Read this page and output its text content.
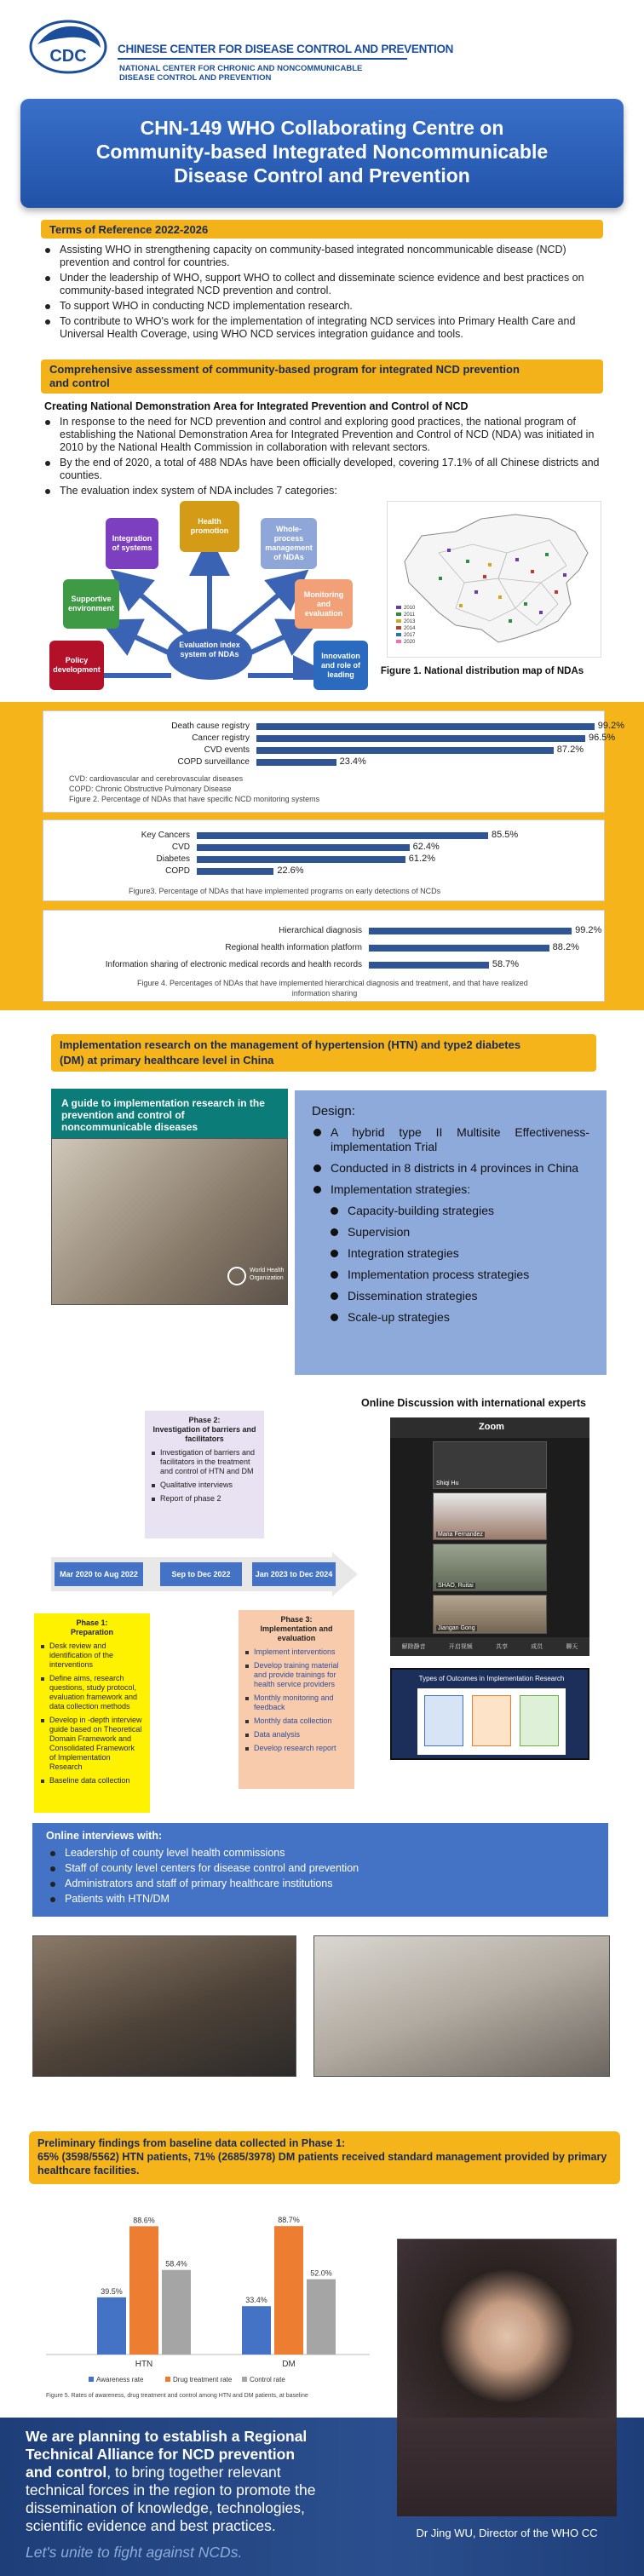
CDC	CHINESE CENTER FOR DISEASE CONTROL AND PREVENTION
NATIONAL CENTER FOR CHRONIC AND NONCOMMUNICABLE
DISEASE CONTROL AND PREVENTION
CHN-149 WHO Collaborating Centre on
Community-based Integrated Noncommunicable
Disease Control and Prevention
Terms of Reference 2022-2026
Assisting WHO in strengthening capacity on community-based integrated noncommunicable disease (NCD) prevention and control for countries.
Under the leadership of WHO, support WHO to collect and disseminate science evidence and best practices on community-based integrated NCD prevention and control.
To support WHO in conducting NCD implementation research.
To contribute to WHO's work for the implementation of integrating NCD services into Primary Health Care and Universal Health Coverage, using WHO NCD services integration guidance and tools.
Comprehensive assessment of community-based program for integrated NCD prevention
and control
Creating National Demonstration Area for Integrated Prevention and Control of NCD
In response to the need for NCD prevention and control and exploring good practices, the national program of establishing the National Demonstration Area for Integrated Prevention and Control of NCD (NDA) was initiated in 2010 by the National Health Commission in collaboration with relevant sectors.
By the end of 2020, a total of 488 NDAs have been officially developed, covering 17.1% of all Chinese districts and counties.
The evaluation index system of NDA includes 7 categories:
Evaluation index system of NDAs
Integration of systems
Health promotion	Whole-process management of NDAs
Monitoring and evaluation
Innovation and role of leading
Policy development
Supportive environment	2010
2011
2013
2014
2017
2020
Figure 1. National distribution map of NDAs
Death cause registry
Cancer registry
CVD events
COPD surveillance
99.2%
96.5%
87.2%
23.4%
CVD: cardiovascular and cerebrovascular diseases
COPD: Chronic Obstructive Pulmonary Disease
Figure 2. Percentage of NDAs that have specific NCD monitoring systems
Key Cancers
CVD
Diabetes
COPD
85.5%
62.4%
61.2%
22.6%
Figure3. Percentage of NDAs that have implemented programs on early detections of NCDs
Hierarchical diagnosis
Regional health information platform
Information sharing of electronic medical records and health records
99.2%
88.2%
58.7%
Figure 4. Percentages of NDAs that have implemented hierarchical diagnosis and treatment, and that have realized
information sharing
Implementation research on the management of hypertension (HTN) and type2 diabetes
(DM) at primary healthcare level in China
A guide to implementation research in the prevention and control of noncommunicable diseases
World Health Organization
Design:
A hybrid type II Multisite Effectiveness-implementation Trial
Conducted in 8 districts in 4 provinces in China
Implementation strategies:
Capacity-building strategies
Supervision
Integration strategies
Implementation process strategies
Dissemination strategies
Scale-up strategies
Phase 2:
Investigation of barriers and facilitators
Investigation of barriers and facilitators in the treatment and control of HTN and DM
Qualitative interviews
Report of phase 2
Mar 2020 to Aug 2022	Sep to Dec 2022	Jan 2023 to Dec 2024
Phase 1:
Preparation
Desk review and identification of the interventions
Define aims, research questions, study protocol, evaluation framework and data collection methods
Develop in -depth interview guide based on Theoretical Domain Framework and Consolidated Framework of Implementation Research
Baseline data collection
Phase 3:
Implementation and evaluation
Implement interventions
Develop training material and provide trainings for health service providers
Monthly monitoring and feedback
Monthly data collection
Data analysis
Develop research report
Online Discussion with international experts
Zoom
Shiqi Hu
Maria Fernandez
SHAO, Ruitai
Jiangan Gong
解除静音	开启视频	共享	成员	聊天
Types of Outcomes in Implementation Research
Online interviews with:
Leadership of county level health commissions
Staff of county level centers for disease control and prevention
Administrators and staff of primary healthcare institutions
Patients with HTN/DM
Preliminary findings from baseline data collected in Phase 1:
65% (3598/5562) HTN patients, 71% (2685/3978) DM patients received standard management provided by primary
healthcare facilities.
39.5%
88.6%
58.4%
HTN
33.4%
88.7%
52.0%
DM
Awareness rate	Drug treatment rate	Control rate
Figure 5. Rates of awareness, drug treatment and control among HTN and DM patients, at baseline
We are planning to establish a Regional
Technical Alliance for NCD prevention
and control, to bring together relevant
technical forces in the region to promote the
dissemination of knowledge, technologies,
scientific evidence and best practices.
Let's unite to fight against NCDs.
Dr Jing WU, Director of the WHO CC
